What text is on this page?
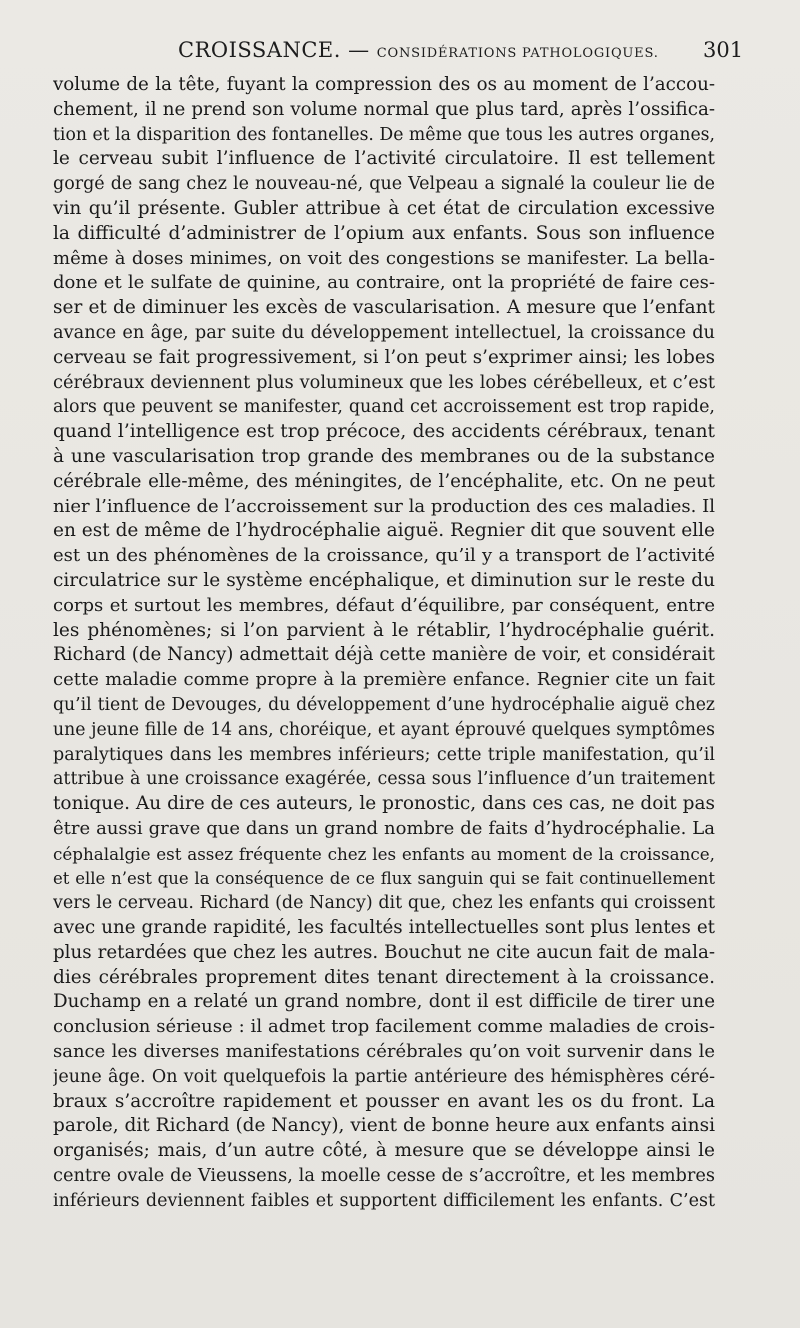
CROISSANCE. — CONSIDÉRATIONS PATHOLOGIQUES. 301
volume de la tête, fuyant la compression des os au moment de l’accou-
chement, il ne prend son volume normal que plus tard, après l’ossifica-
tion et la disparition des fontanelles. De même que tous les autres organes,
le cerveau subit l’influence de l’activité circulatoire. Il est tellement
gorgé de sang chez le nouveau-né, que Velpeau a signalé la couleur lie de
vin qu’il présente. Gubler attribue à cet état de circulation excessive
la difficulté d’administrer de l’opium aux enfants. Sous son influence
même à doses minimes, on voit des congestions se manifester. La bella-
done et le sulfate de quinine, au contraire, ont la propriété de faire ces-
ser et de diminuer les excès de vascularisation. A mesure que l’enfant
avance en âge, par suite du développement intellectuel, la croissance du
cerveau se fait progressivement, si l’on peut s’exprimer ainsi; les lobes
cérébraux deviennent plus volumineux que les lobes cérébelleux, et c’est
alors que peuvent se manifester, quand cet accroissement est trop rapide,
quand l’intelligence est trop précoce, des accidents cérébraux, tenant
à une vascularisation trop grande des membranes ou de la substance
cérébrale elle-même, des méningites, de l’encéphalite, etc. On ne peut
nier l’influence de l’accroissement sur la production des ces maladies. Il
en est de même de l’hydrocéphalie aiguë. Regnier dit que souvent elle
est un des phénomènes de la croissance, qu’il y a transport de l’activité
circulatrice sur le système encéphalique, et diminution sur le reste du
corps et surtout les membres, défaut d’équilibre, par conséquent, entre
les phénomènes; si l’on parvient à le rétablir, l’hydrocéphalie guérit.
Richard (de Nancy) admettait déjà cette manière de voir, et considérait
cette maladie comme propre à la première enfance. Regnier cite un fait
qu’il tient de Devouges, du développement d’une hydrocéphalie aiguë chez
une jeune fille de 14 ans, choréique, et ayant éprouvé quelques symptômes
paralytiques dans les membres inférieurs; cette triple manifestation, qu’il
attribue à une croissance exagérée, cessa sous l’influence d’un traitement
tonique. Au dire de ces auteurs, le pronostic, dans ces cas, ne doit pas
être aussi grave que dans un grand nombre de faits d’hydrocéphalie. La
céphalalgie est assez fréquente chez les enfants au moment de la croissance,
et elle n’est que la conséquence de ce flux sanguin qui se fait continuellement
vers le cerveau. Richard (de Nancy) dit que, chez les enfants qui croissent
avec une grande rapidité, les facultés intellectuelles sont plus lentes et
plus retardées que chez les autres. Bouchut ne cite aucun fait de mala-
dies cérébrales proprement dites tenant directement à la croissance.
Duchamp en a relaté un grand nombre, dont il est difficile de tirer une
conclusion sérieuse : il admet trop facilement comme maladies de crois-
sance les diverses manifestations cérébrales qu’on voit survenir dans le
jeune âge. On voit quelquefois la partie antérieure des hémisphères céré-
braux s’accroître rapidement et pousser en avant les os du front. La
parole, dit Richard (de Nancy), vient de bonne heure aux enfants ainsi
organisés; mais, d’un autre côté, à mesure que se développe ainsi le
centre ovale de Vieussens, la moelle cesse de s’accroître, et les membres
inférieurs deviennent faibles et supportent difficilement les enfants. C’est
